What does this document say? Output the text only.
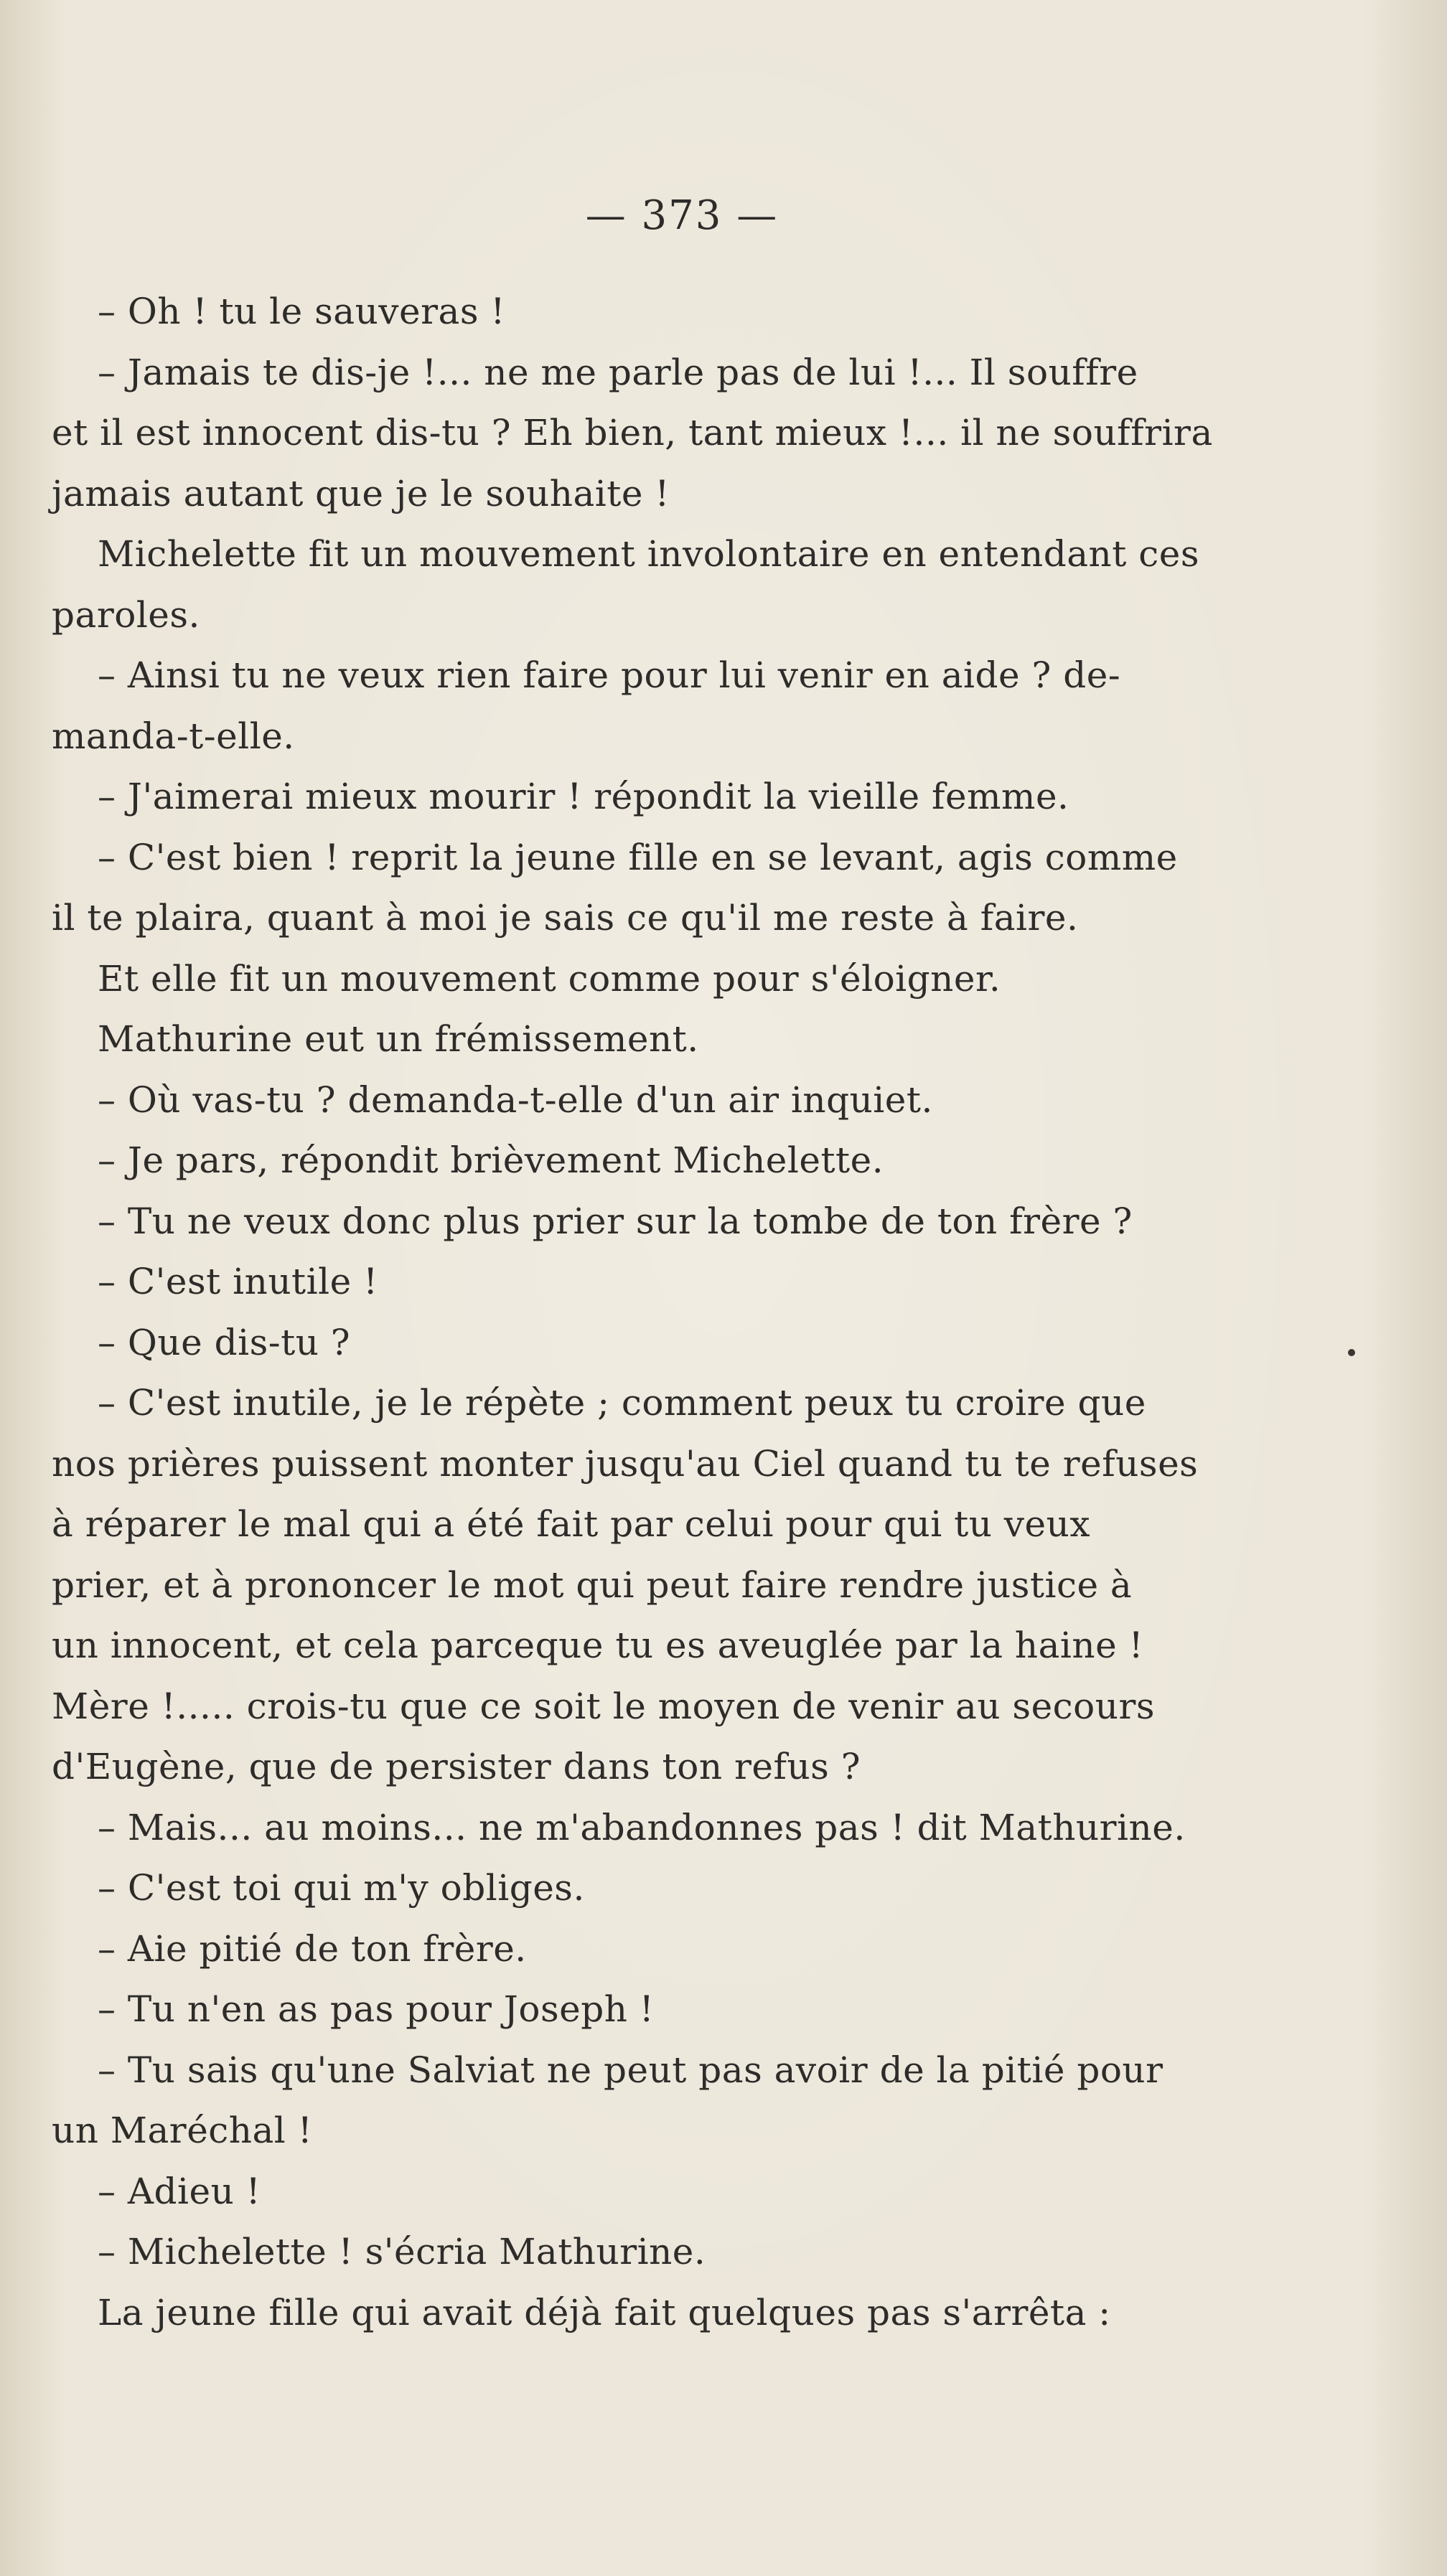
— 373 —
– Oh ! tu le sauveras !
– Jamais te dis-je !... ne me parle pas de lui !... Il souffre
et il est innocent dis-tu ? Eh bien, tant mieux !... il ne souffrira
jamais autant que je le souhaite !
Michelette fit un mouvement involontaire en entendant ces
paroles.
– Ainsi tu ne veux rien faire pour lui venir en aide ? de-
manda-t-elle.
– J'aimerai mieux mourir ! répondit la vieille femme.
– C'est bien ! reprit la jeune fille en se levant, agis comme
il te plaira, quant à moi je sais ce qu'il me reste à faire.
Et elle fit un mouvement comme pour s'éloigner.
Mathurine eut un frémissement.
– Où vas-tu ? demanda-t-elle d'un air inquiet.
– Je pars, répondit brièvement Michelette.
– Tu ne veux donc plus prier sur la tombe de ton frère ?
– C'est inutile !
– Que dis-tu ?
– C'est inutile, je le répète ; comment peux tu croire que
nos prières puissent monter jusqu'au Ciel quand tu te refuses
à réparer le mal qui a été fait par celui pour qui tu veux
prier, et à prononcer le mot qui peut faire rendre justice à
un innocent, et cela parceque tu es aveuglée par la haine !
Mère !..... crois-tu que ce soit le moyen de venir au secours
d'Eugène, que de persister dans ton refus ?
– Mais... au moins... ne m'abandonnes pas ! dit Mathurine.
– C'est toi qui m'y obliges.
– Aie pitié de ton frère.
– Tu n'en as pas pour Joseph !
– Tu sais qu'une Salviat ne peut pas avoir de la pitié pour
un Maréchal !
– Adieu !
– Michelette ! s'écria Mathurine.
La jeune fille qui avait déjà fait quelques pas s'arrêta :
